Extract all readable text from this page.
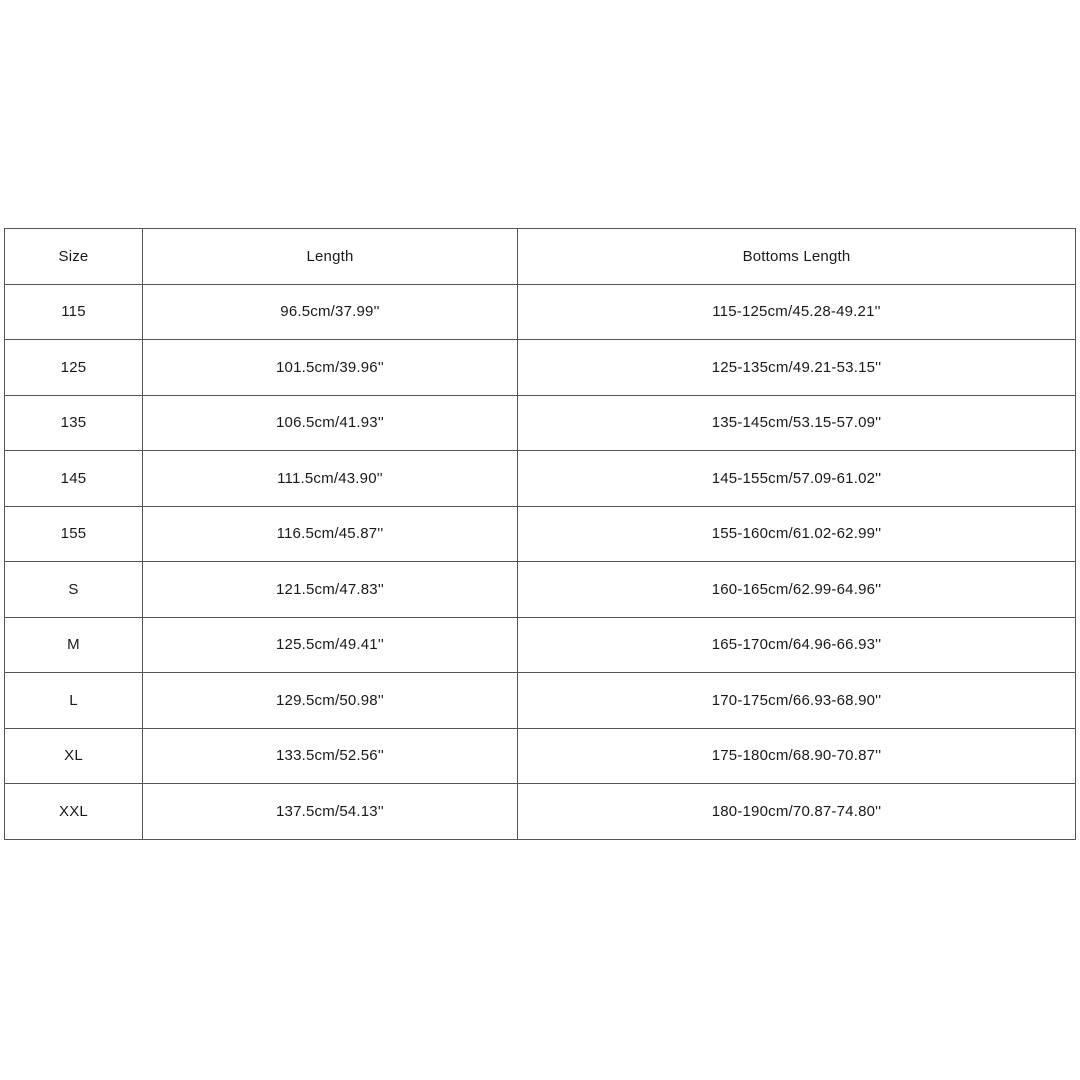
Size	Length	Bottoms Length
115	96.5cm/37.99''	115-125cm/45.28-49.21''
125	101.5cm/39.96''	125-135cm/49.21-53.15''
135	106.5cm/41.93''	135-145cm/53.15-57.09''
145	111.5cm/43.90''	145-155cm/57.09-61.02''
155	116.5cm/45.87''	155-160cm/61.02-62.99''
S	121.5cm/47.83''	160-165cm/62.99-64.96''
M	125.5cm/49.41''	165-170cm/64.96-66.93''
L	129.5cm/50.98''	170-175cm/66.93-68.90''
XL	133.5cm/52.56''	175-180cm/68.90-70.87''
XXL	137.5cm/54.13''	180-190cm/70.87-74.80''
